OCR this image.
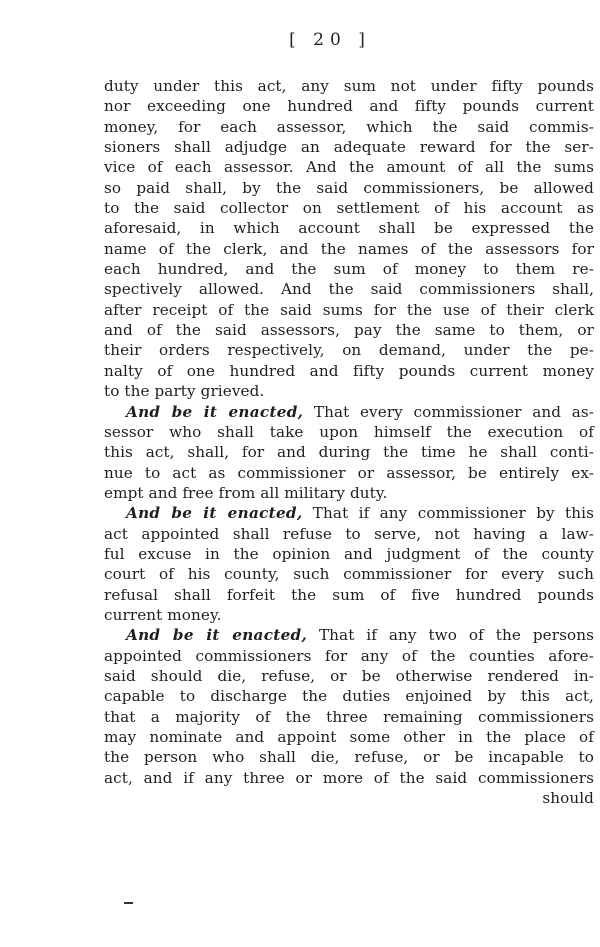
[ 20 ]
duty under this act, any sum not under fifty pounds
nor exceeding one hundred and fifty pounds current
money, for each assessor, which the said commis-
sioners shall adjudge an adequate reward for the ser-
vice of each assessor. And the amount of all the sums
so paid shall, by the said commissioners, be allowed
to the said collector on settlement of his account as
aforesaid, in which account shall be expressed the
name of the clerk, and the names of the assessors for
each hundred, and the sum of money to them re-
spectively allowed. And the said commissioners shall,
after receipt of the said sums for the use of their clerk
and of the said assessors, pay the same to them, or
their orders respectively, on demand, under the pe-
nalty of one hundred and fifty pounds current money
to the party grieved.
And be it enacted, That every commissioner and as-
sessor who shall take upon himself the execution of
this act, shall, for and during the time he shall conti-
nue to act as commissioner or assessor, be entirely ex-
empt and free from all military duty.
And be it enacted, That if any commissioner by this
act appointed shall refuse to serve, not having a law-
ful excuse in the opinion and judgment of the county
court of his county, such commissioner for every such
refusal shall forfeit the sum of five hundred pounds
current money.
And be it enacted, That if any two of the persons
appointed commissioners for any of the counties afore-
said should die, refuse, or be otherwise rendered in-
capable to discharge the duties enjoined by this act,
that a majority of the three remaining commissioners
may nominate and appoint some other in the place of
the person who shall die, refuse, or be incapable to
act, and if any three or more of the said commissioners
should
